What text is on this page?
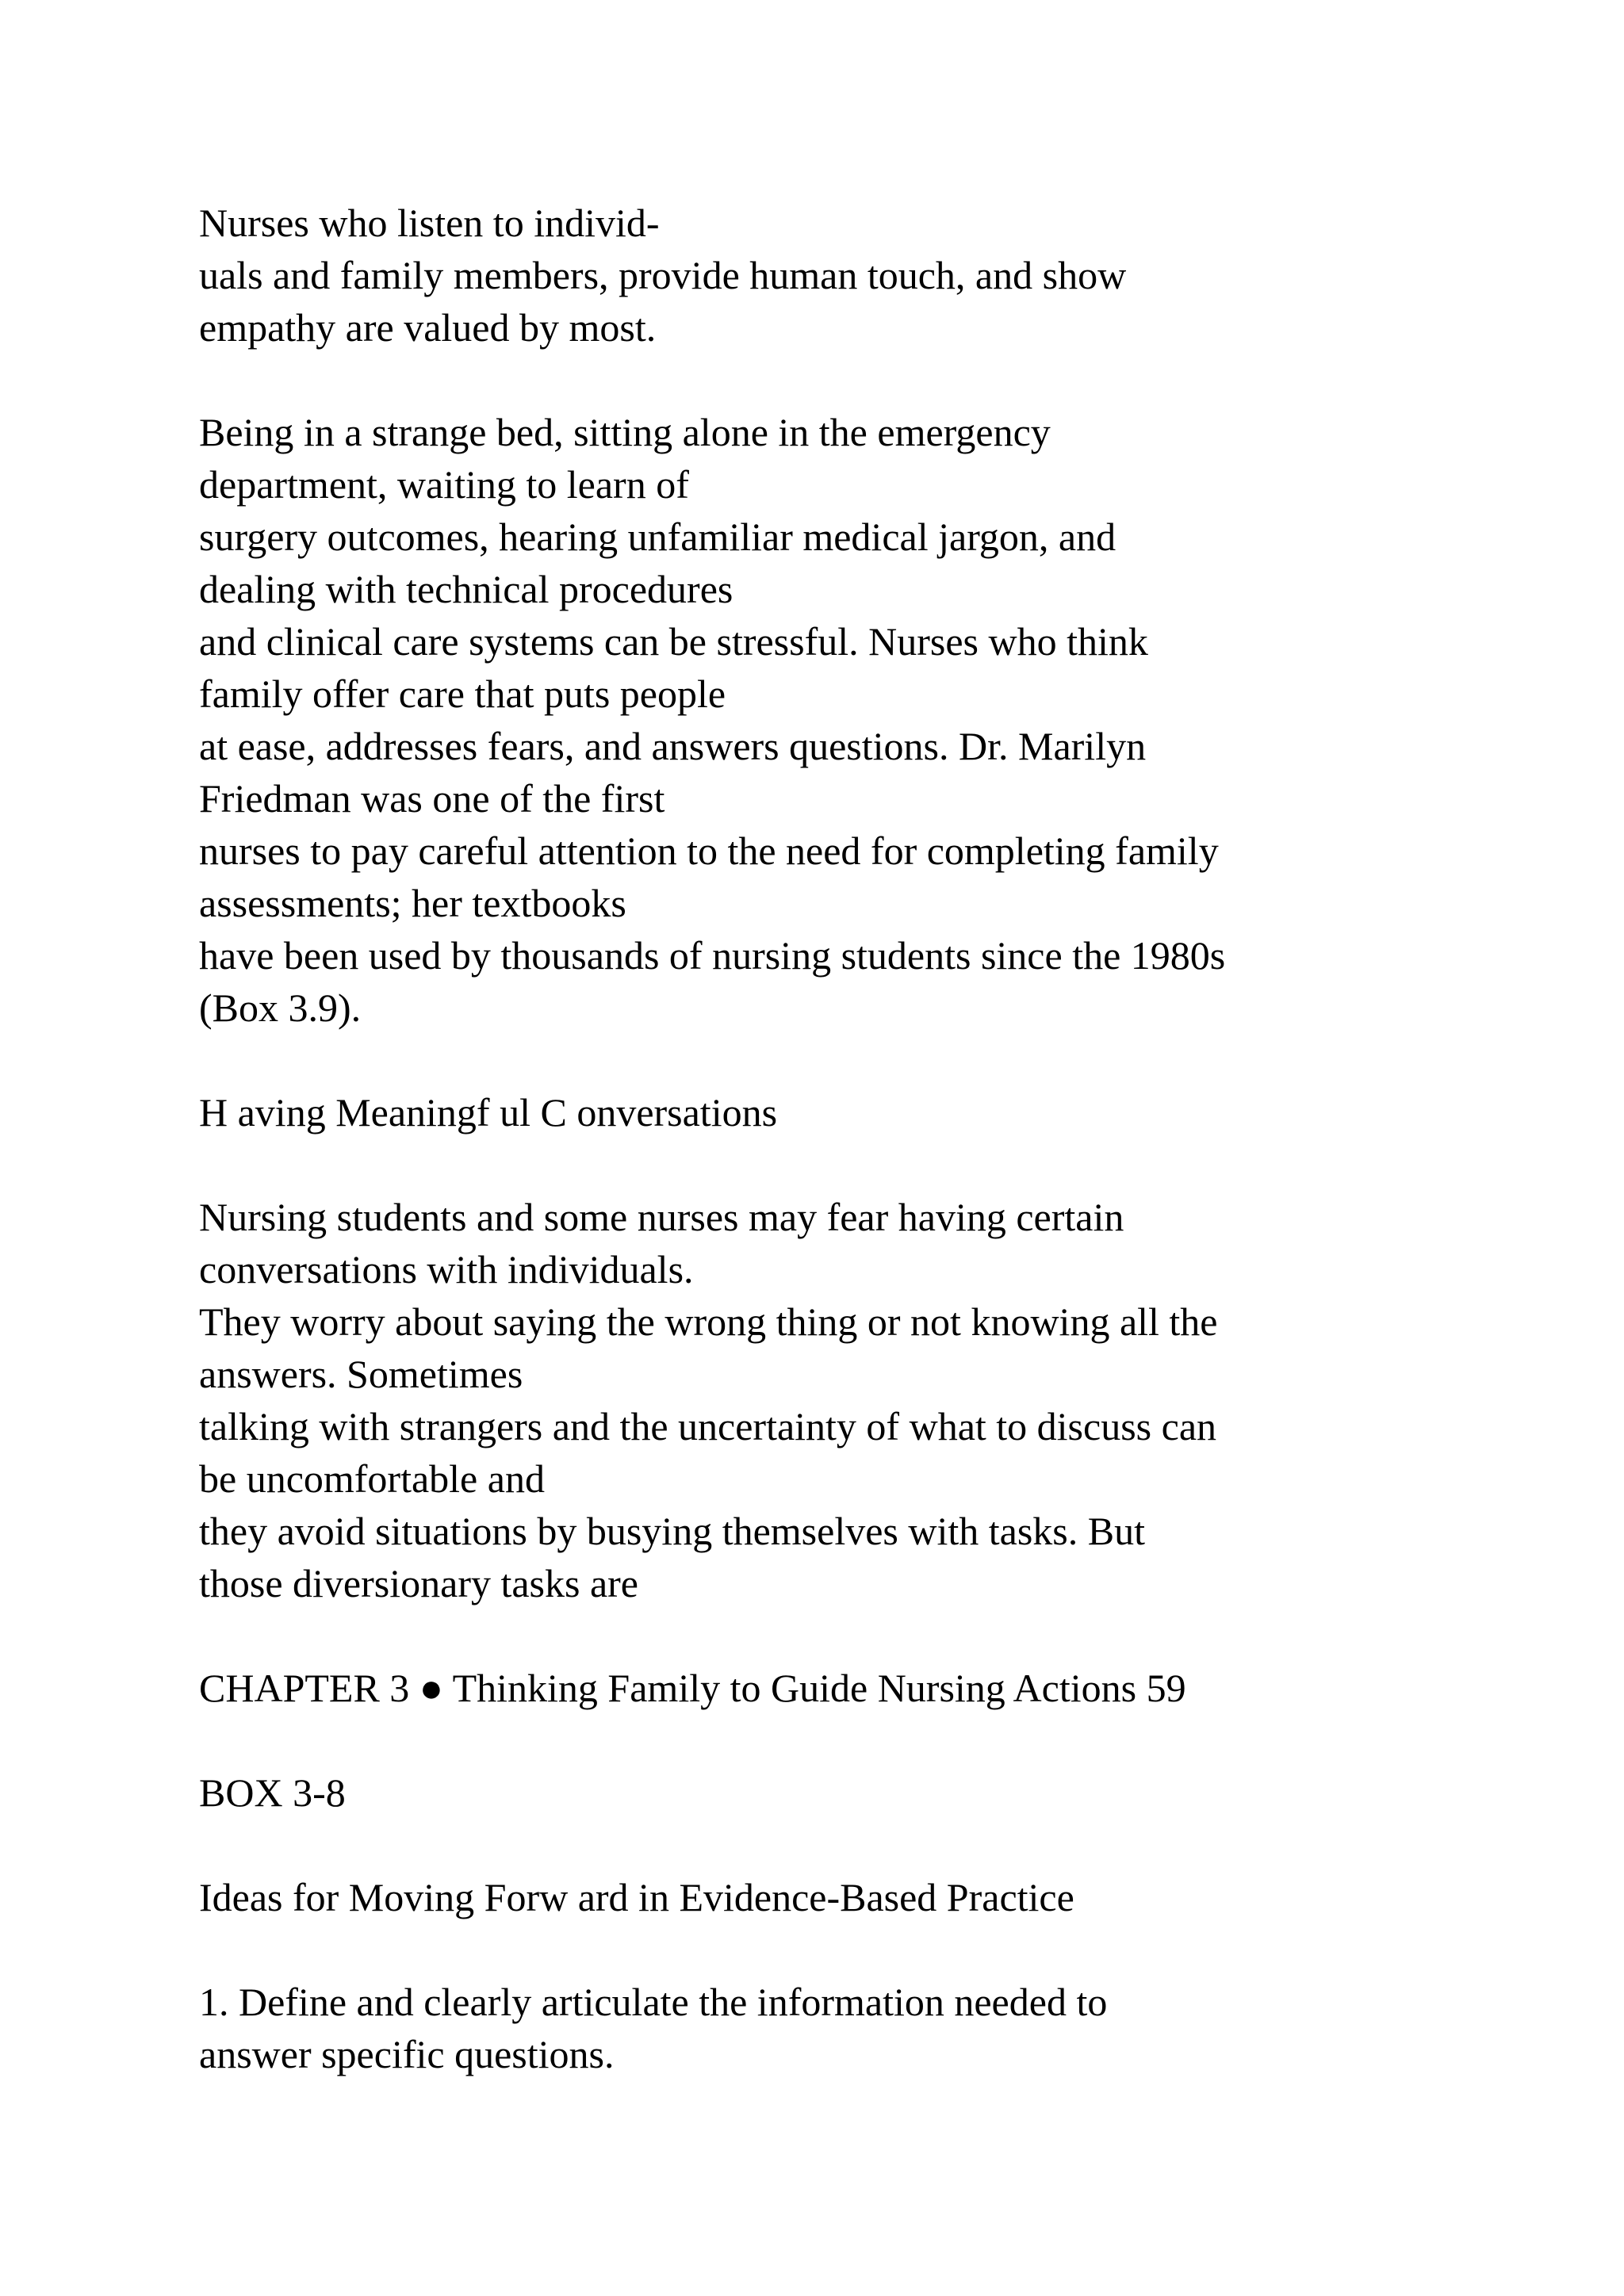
Nurses who listen to individ-

uals and family members, provide human touch, and show

empathy are valued by most.

Being in a strange bed, sitting alone in the emergency

department, waiting to learn of

surgery outcomes, hearing unfamiliar medical jargon, and

dealing with technical procedures

and clinical care systems can be stressful. Nurses who think

family offer care that puts people

at ease, addresses fears, and answers questions. Dr. Marilyn

Friedman was one of the first

nurses to pay careful attention to the need for completing family

assessments; her textbooks

have been used by thousands of nursing students since the 1980s

(Box 3.9).

H aving Meaningf ul C onversations

Nursing students and some nurses may fear having certain

conversations with individuals.

They worry about saying the wrong thing or not knowing all the

answers. Sometimes

talking with strangers and the uncertainty of what to discuss can

be uncomfortable and

they avoid situations by busying themselves with tasks. But

those diversionary tasks are

CHAPTER 3 ● Thinking Family to Guide Nursing Actions 59

BOX 3-8

Ideas for Moving Forw ard in Evidence-Based Practice

1. Define and clearly articulate the information needed to

answer specific questions.
